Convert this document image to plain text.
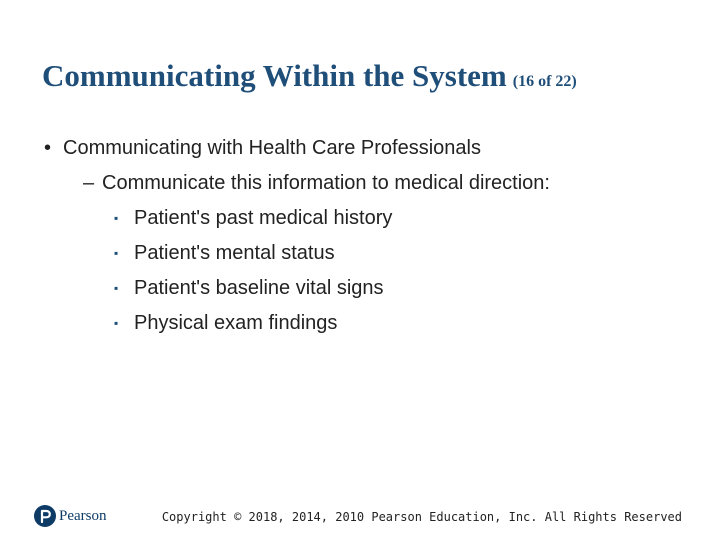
Communicating Within the System (16 of 22)
• Communicating with Health Care Professionals
– Communicate this information to medical direction:
▪ Patient's past medical history
▪ Patient's mental status
▪ Patient's baseline vital signs
▪ Physical exam findings
Pearson	Copyright © 2018, 2014, 2010 Pearson Education, Inc. All Rights Reserved
